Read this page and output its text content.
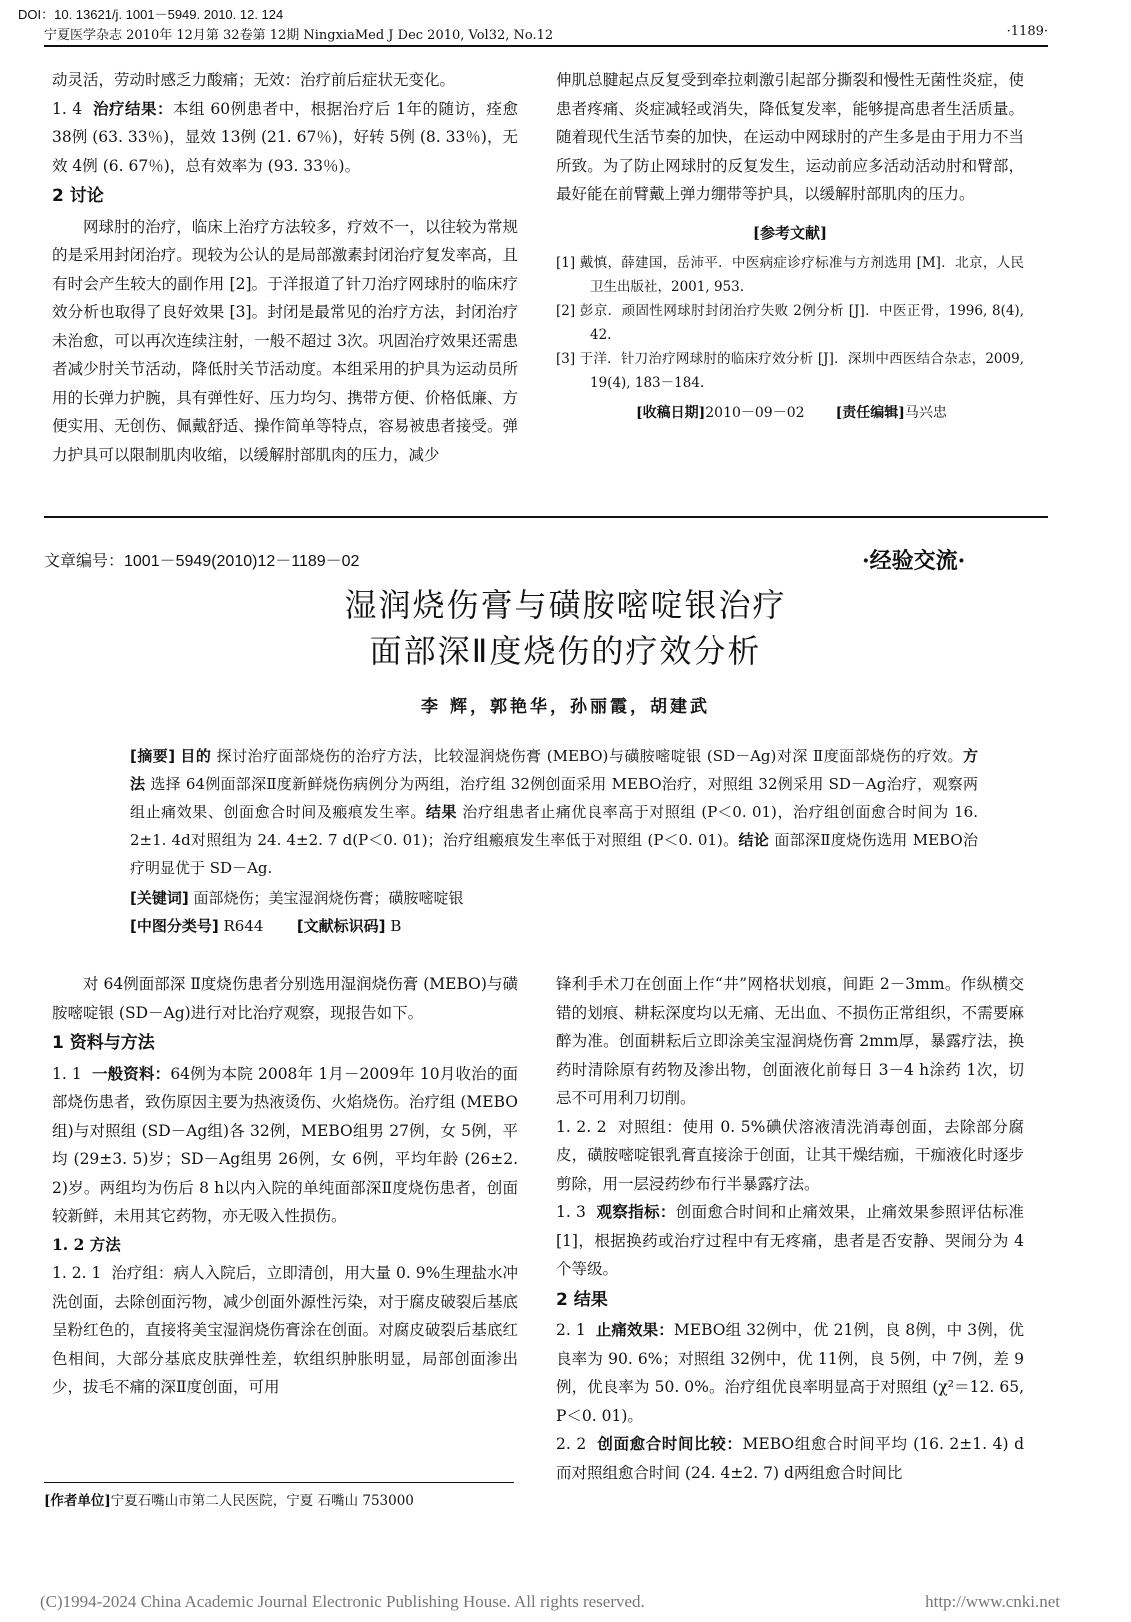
DOI：10. 13621/j. 1001－5949. 2010. 12. 124
宁夏医学杂志 2010年 12月第 32卷第 12期 NingxiaMed J Dec 2010, Vol32, No.12	·1189·

动灵活，劳动时感乏力酸痛；无效：治疗前后症状无变化。

1. 4 治疗结果：本组 60例患者中，根据治疗后 1年的随访，痊愈 38例 (63. 33％)，显效 13例 (21. 67％)，好转 5例 (8. 33％)，无效 4例 (6. 67％)，总有效率为 (93. 33％)。

2 讨论

网球肘的治疗，临床上治疗方法较多，疗效不一，以往较为常规的是采用封闭治疗。现较为公认的是局部激素封闭治疗复发率高，且有时会产生较大的副作用 [2]。于洋报道了针刀治疗网球肘的临床疗效分析也取得了良好效果 [3]。封闭是最常见的治疗方法，封闭治疗未治愈，可以再次连续注射，一般不超过 3次。巩固治疗效果还需患者减少肘关节活动，降低肘关节活动度。本组采用的护具为运动员所用的长弹力护腕，具有弹性好、压力均匀、携带方便、价格低廉、方便实用、无创伤、佩戴舒适、操作简单等特点，容易被患者接受。弹力护具可以限制肌肉收缩，以缓解肘部肌肉的压力，减少

伸肌总腱起点反复受到牵拉刺激引起部分撕裂和慢性无菌性炎症，使患者疼痛、炎症减轻或消失，降低复发率，能够提高患者生活质量。随着现代生活节奏的加快，在运动中网球肘的产生多是由于用力不当所致。为了防止网球肘的反复发生，运动前应多活动活动肘和臂部，最好能在前臂戴上弹力绷带等护具，以缓解肘部肌肉的压力。

[参考文献]
[1] 戴慎，薛建国，岳沛平．中医病症诊疗标准与方剂选用 [M]．北京，人民卫生出版社，2001, 953.
[2] 彭京．顽固性网球肘封闭治疗失败 2例分析 [J]．中医正骨，1996, 8(4), 42.
[3] 于洋．针刀治疗网球肘的临床疗效分析 [J]．深圳中西医结合杂志，2009, 19(4), 183－184.
[收稿日期]2010－09－02 [责任编辑]马兴忠
文章编号：1001－5949(2010)12－1189－02	·经验交流·
湿润烧伤膏与磺胺嘧啶银治疗
面部深Ⅱ度烧伤的疗效分析
李 辉，郭艳华，孙丽霞，胡建武

[摘要] 目的 探讨治疗面部烧伤的治疗方法，比较湿润烧伤膏 (MEBO)与磺胺嘧啶银 (SD－Ag)对深 Ⅱ度面部烧伤的疗效。方法 选择 64例面部深Ⅱ度新鲜烧伤病例分为两组，治疗组 32例创面采用 MEBO治疗，对照组 32例采用 SD－Ag治疗，观察两组止痛效果、创面愈合时间及瘢痕发生率。结果 治疗组患者止痛优良率高于对照组 (P＜0. 01)，治疗组创面愈合时间为 16. 2±1. 4d对照组为 24. 4±2. 7 d(P＜0. 01)；治疗组瘢痕发生率低于对照组 (P＜0. 01)。结论 面部深Ⅱ度烧伤选用 MEBO治疗明显优于 SD－Ag.

[关键词] 面部烧伤；美宝湿润烧伤膏；磺胺嘧啶银

[中图分类号] R644 [文献标识码] B

对 64例面部深 Ⅱ度烧伤患者分别选用湿润烧伤膏 (MEBO)与磺胺嘧啶银 (SD－Ag)进行对比治疗观察，现报告如下。

1 资料与方法

1. 1 一般资料：64例为本院 2008年 1月－2009年 10月收治的面部烧伤患者，致伤原因主要为热液烫伤、火焰烧伤。治疗组 (MEBO组)与对照组 (SD－Ag组)各 32例，MEBO组男 27例，女 5例，平均 (29±3. 5)岁；SD－Ag组男 26例，女 6例，平均年龄 (26±2. 2)岁。两组均为伤后 8 h以内入院的单纯面部深Ⅱ度烧伤患者，创面较新鲜，未用其它药物，亦无吸入性损伤。

1. 2 方法

1. 2. 1 治疗组：病人入院后，立即清创，用大量 0. 9%生理盐水冲洗创面，去除创面污物，减少创面外源性污染，对于腐皮破裂后基底呈粉红色的，直接将美宝湿润烧伤膏涂在创面。对腐皮破裂后基底红色相间，大部分基底皮肤弹性差，软组织肿胀明显，局部创面渗出少，拔毛不痛的深Ⅱ度创面，可用

锋利手术刀在创面上作“井”网格状划痕，间距 2－3mm。作纵横交错的划痕、耕耘深度均以无痛、无出血、不损伤正常组织，不需要麻醉为准。创面耕耘后立即涂美宝湿润烧伤膏 2mm厚，暴露疗法，换药时清除原有药物及渗出物，创面液化前每日 3－4 h涂药 1次，切忌不可用利刀切削。

1. 2. 2 对照组：使用 0. 5%碘伏溶液清洗消毒创面，去除部分腐皮，磺胺嘧啶银乳膏直接涂于创面，让其干燥结痂，干痂液化时逐步剪除，用一层浸药纱布行半暴露疗法。

1. 3 观察指标：创面愈合时间和止痛效果，止痛效果参照评估标准 [1]，根据换药或治疗过程中有无疼痛，患者是否安静、哭闹分为 4个等级。

2 结果

2. 1 止痛效果：MEBO组 32例中，优 21例，良 8例，中 3例，优良率为 90. 6%；对照组 32例中，优 11例，良 5例，中 7例，差 9例，优良率为 50. 0%。治疗组优良率明显高于对照组 (χ²＝12. 65, P＜0. 01)。

2. 2 创面愈合时间比较：MEBO组愈合时间平均 (16. 2±1. 4) d而对照组愈合时间 (24. 4±2. 7) d两组愈合时间比

[作者单位]宁夏石嘴山市第二人民医院，宁夏 石嘴山 753000
(C)1994-2024 China Academic Journal Electronic Publishing House. All rights reserved.	http://www.cnki.net
